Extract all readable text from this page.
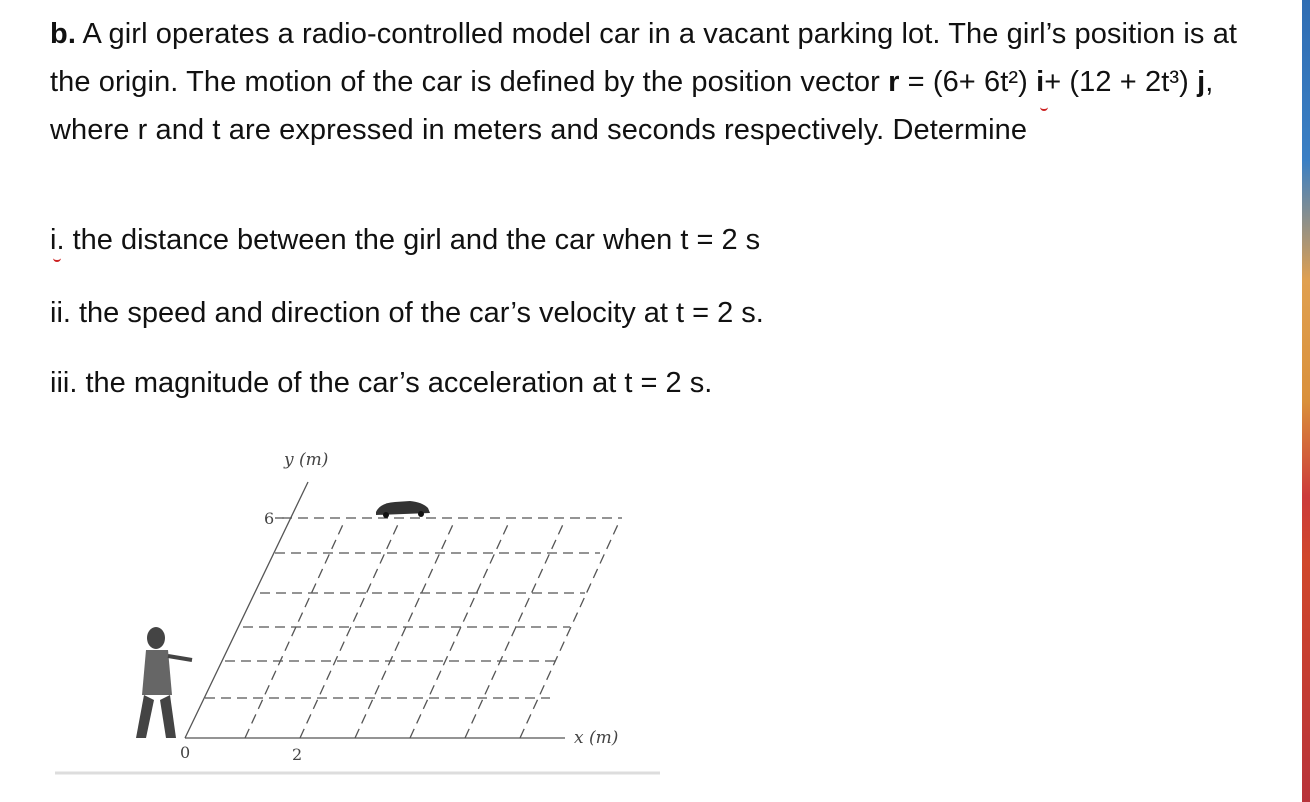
b. A girl operates a radio-controlled model car in a vacant parking lot. The girl’s position is at the origin. The motion of the car is defined by the position vector r = (6+ 6t²) i+ (12 + 2t³) j, where r and t are expressed in meters and seconds respectively. Determine

i. the distance between the girl and the car when t = 2 s

ii. the speed and direction of the car’s velocity at t = 2 s.

iii. the magnitude of the car’s acceleration at t = 2 s.

y (m)
x (m)
6
0	2
